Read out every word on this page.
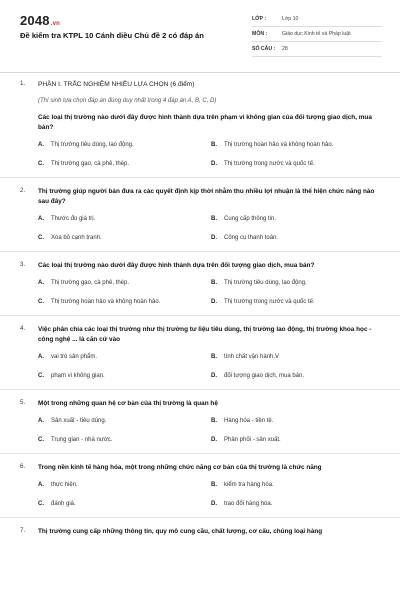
2048.vn
Đề kiểm tra KTPL 10 Cánh diều Chủ đề 2 có đáp án
LỚP :	Lớp 10
MÔN :	Giáo dục Kinh tế và Pháp luật
SỐ CÂU :	28
1.	PHẦN I. TRẮC NGHIỆM NHIỀU LỰA CHỌN (6 điểm)
(Thí sinh lựa chọn đáp án đúng duy nhất trong 4 đáp án A, B, C, D)
Các loại thị trường nào dưới đây được hình thành dựa trên phạm vi không gian của đối tượng giao dịch, mua bán?
A.	Thị trường tiêu dùng, lao động.	B.	Thị trường hoàn hảo và không hoàn hảo.
C.	Thị trường gạo, cà phê, thép.	D.	Thị trường trong nước và quốc tế.
2.	Thị trường giúp người bán đưa ra các quyết định kịp thời nhằm thu nhiều lợi nhuận là thể hiện chức năng nào sau đây?
A.	Thước đo giá trị.	B.	Cung cấp thông tin.
C.	Xóa bỏ cạnh tranh.	D.	Công cụ thanh toán.
3.	Các loại thị trường nào dưới đây được hình thành dựa trên đối tượng giao dịch, mua bán?
A.	Thị trường gạo, cà phê, thép.	B.	Thị trường tiêu dùng, lao động.
C.	Thị trường hoàn hảo và không hoàn hảo.	D.	Thị trường trong nước và quốc tế.
4.	Việc phân chia các loại thị trường như thị trường tư liệu tiêu dùng, thị trường lao động, thị trường khoa học - công nghệ ... là căn cứ vào
A.	vai trò sản phẩm.	B.	tính chất vận hành.V
C.	phạm vi không gian.	D.	đối tượng giao dịch, mua bán.
5.	Một trong những quan hệ cơ bản của thị trường là quan hệ
A.	Sản xuất - tiêu dùng.	B.	Hàng hóa - tiền tệ.
C.	Trung gian - nhà nước.	D.	Phân phối - sản xuất.
6.	Trong nền kinh tế hàng hóa, một trong những chức năng cơ bản của thị trường là chức năng
A.	thực hiện.	B.	kiểm tra hàng hóa.
C.	đánh giá.	D.	trao đổi hàng hóa.
7.	Thị trường cung cấp những thông tin, quy mô cung cầu, chất lượng, cơ cấu, chủng loại hàng
